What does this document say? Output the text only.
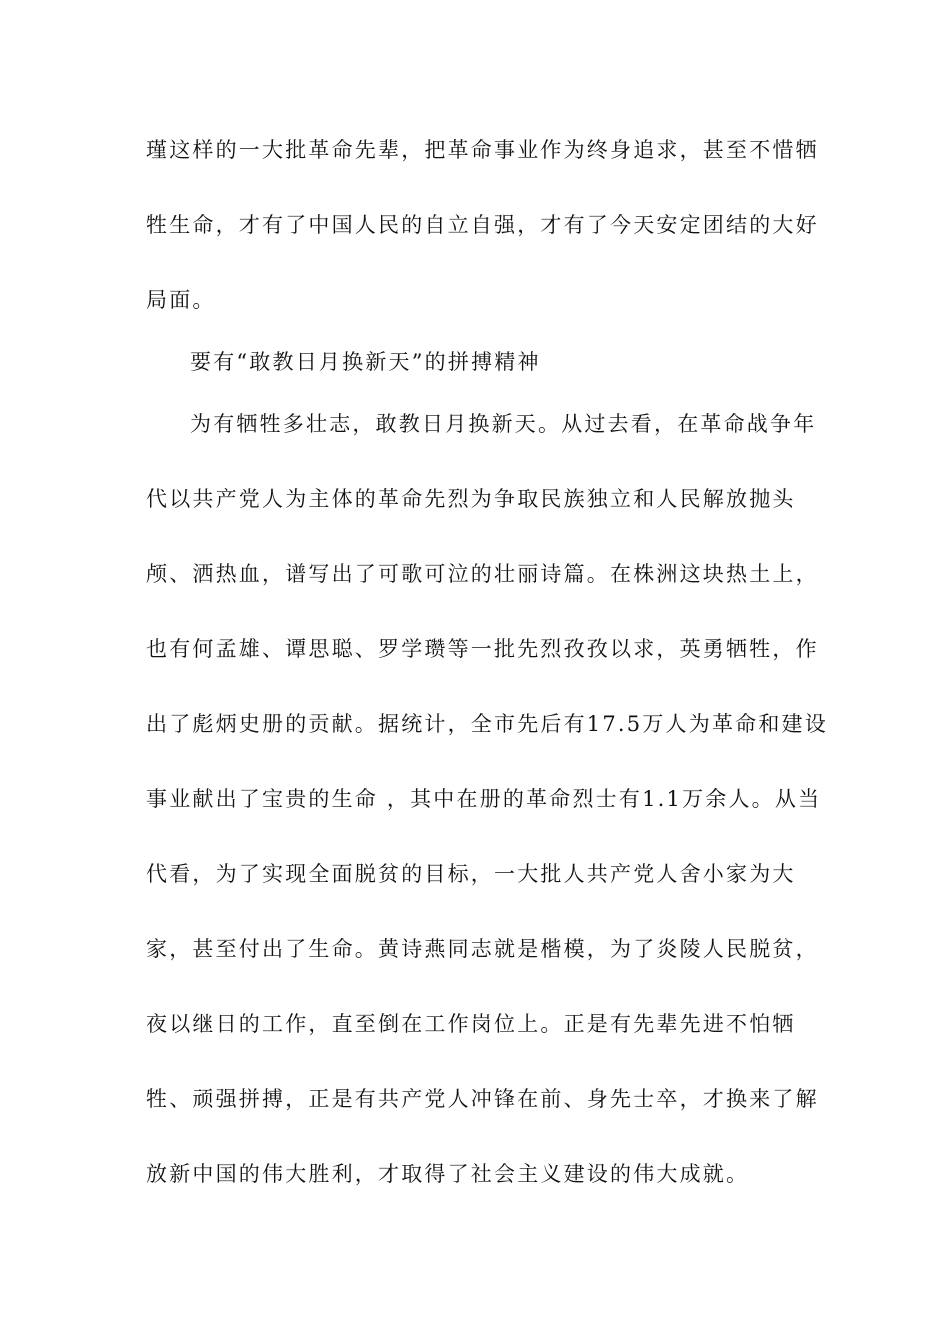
瑾这样的一大批革命先辈，把革命事业作为终身追求，甚至不惜牺
牲生命，才有了中国人民的自立自强，才有了今天安定团结的大好
局面。
要有“敢教日月换新天”的拼搏精神
为有牺牲多壮志，敢教日月换新天。从过去看，在革命战争年
代以共产党人为主体的革命先烈为争取民族独立和人民解放抛头
颅、洒热血，谱写出了可歌可泣的壮丽诗篇。在株洲这块热土上，
也有何孟雄、谭思聪、罗学瓒等一批先烈孜孜以求，英勇牺牲，作
出了彪炳史册的贡献。据统计，全市先后有17.5万人为革命和建设
事业献出了宝贵的生命 ，其中在册的革命烈士有1.1万余人。从当
代看，为了实现全面脱贫的目标，一大批人共产党人舍小家为大
家，甚至付出了生命。黄诗燕同志就是楷模，为了炎陵人民脱贫，
夜以继日的工作，直至倒在工作岗位上。正是有先辈先进不怕牺
牲、顽强拼搏，正是有共产党人冲锋在前、身先士卒，才换来了解
放新中国的伟大胜利，才取得了社会主义建设的伟大成就。
